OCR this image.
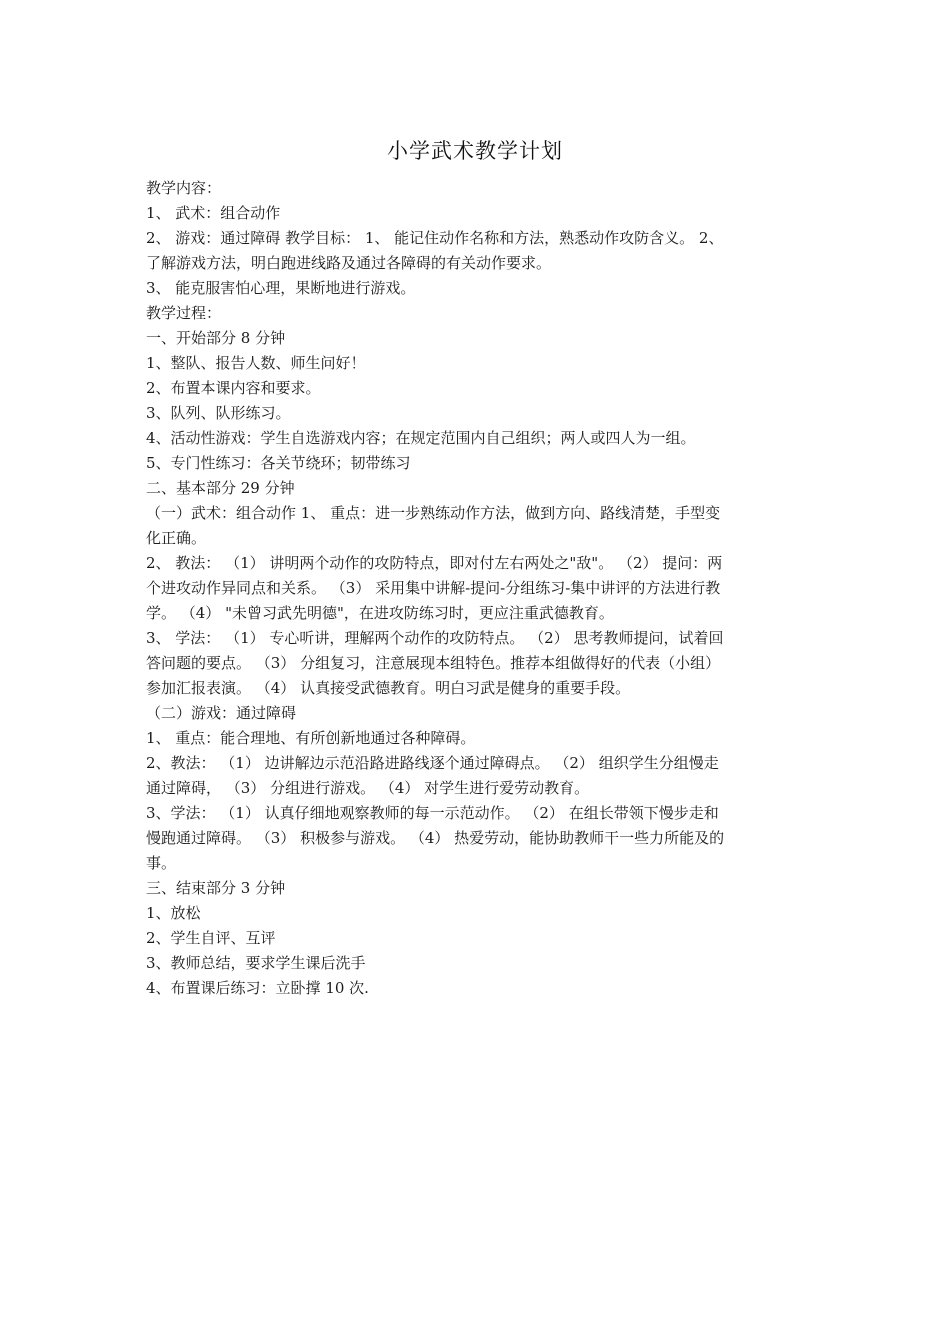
小学武术教学计划
教学内容：
1、 武术：组合动作
2、 游戏：通过障碍 教学目标： 1、 能记住动作名称和方法，熟悉动作攻防含义。 2、
了解游戏方法，明白跑进线路及通过各障碍的有关动作要求。
3、 能克服害怕心理，果断地进行游戏。
教学过程：
一、开始部分 8 分钟
1、整队、报告人数、师生问好！
2、布置本课内容和要求。
3、队列、队形练习。
4、活动性游戏：学生自选游戏内容；在规定范围内自己组织；两人或四人为一组。
5、专门性练习：各关节绕环；韧带练习
二、基本部分 29 分钟
（一）武术：组合动作 1、 重点：进一步熟练动作方法，做到方向、路线清楚，手型变
化正确。
2、 教法： （1） 讲明两个动作的攻防特点，即对付左右两处之"敌"。 （2） 提问：两
个进攻动作异同点和关系。 （3） 采用集中讲解-提问-分组练习-集中讲评的方法进行教
学。 （4） "未曾习武先明德"，在进攻防练习时，更应注重武德教育。
3、 学法： （1） 专心听讲，理解两个动作的攻防特点。 （2） 思考教师提问，试着回
答问题的要点。 （3） 分组复习，注意展现本组特色。推荐本组做得好的代表（小组）
参加汇报表演。 （4） 认真接受武德教育。明白习武是健身的重要手段。
（二）游戏：通过障碍
1、 重点：能合理地、有所创新地通过各种障碍。
2、教法： （1） 边讲解边示范沿路进路线逐个通过障碍点。 （2） 组织学生分组慢走
通过障碍， （3） 分组进行游戏。 （4） 对学生进行爱劳动教育。
3、学法： （1） 认真仔细地观察教师的每一示范动作。 （2） 在组长带领下慢步走和
慢跑通过障碍。 （3） 积极参与游戏。 （4） 热爱劳动，能协助教师干一些力所能及的
事。
三、结束部分 3 分钟
1、放松
2、学生自评、互评
3、教师总结，要求学生课后洗手
4、布置课后练习：立卧撑 10 次.
